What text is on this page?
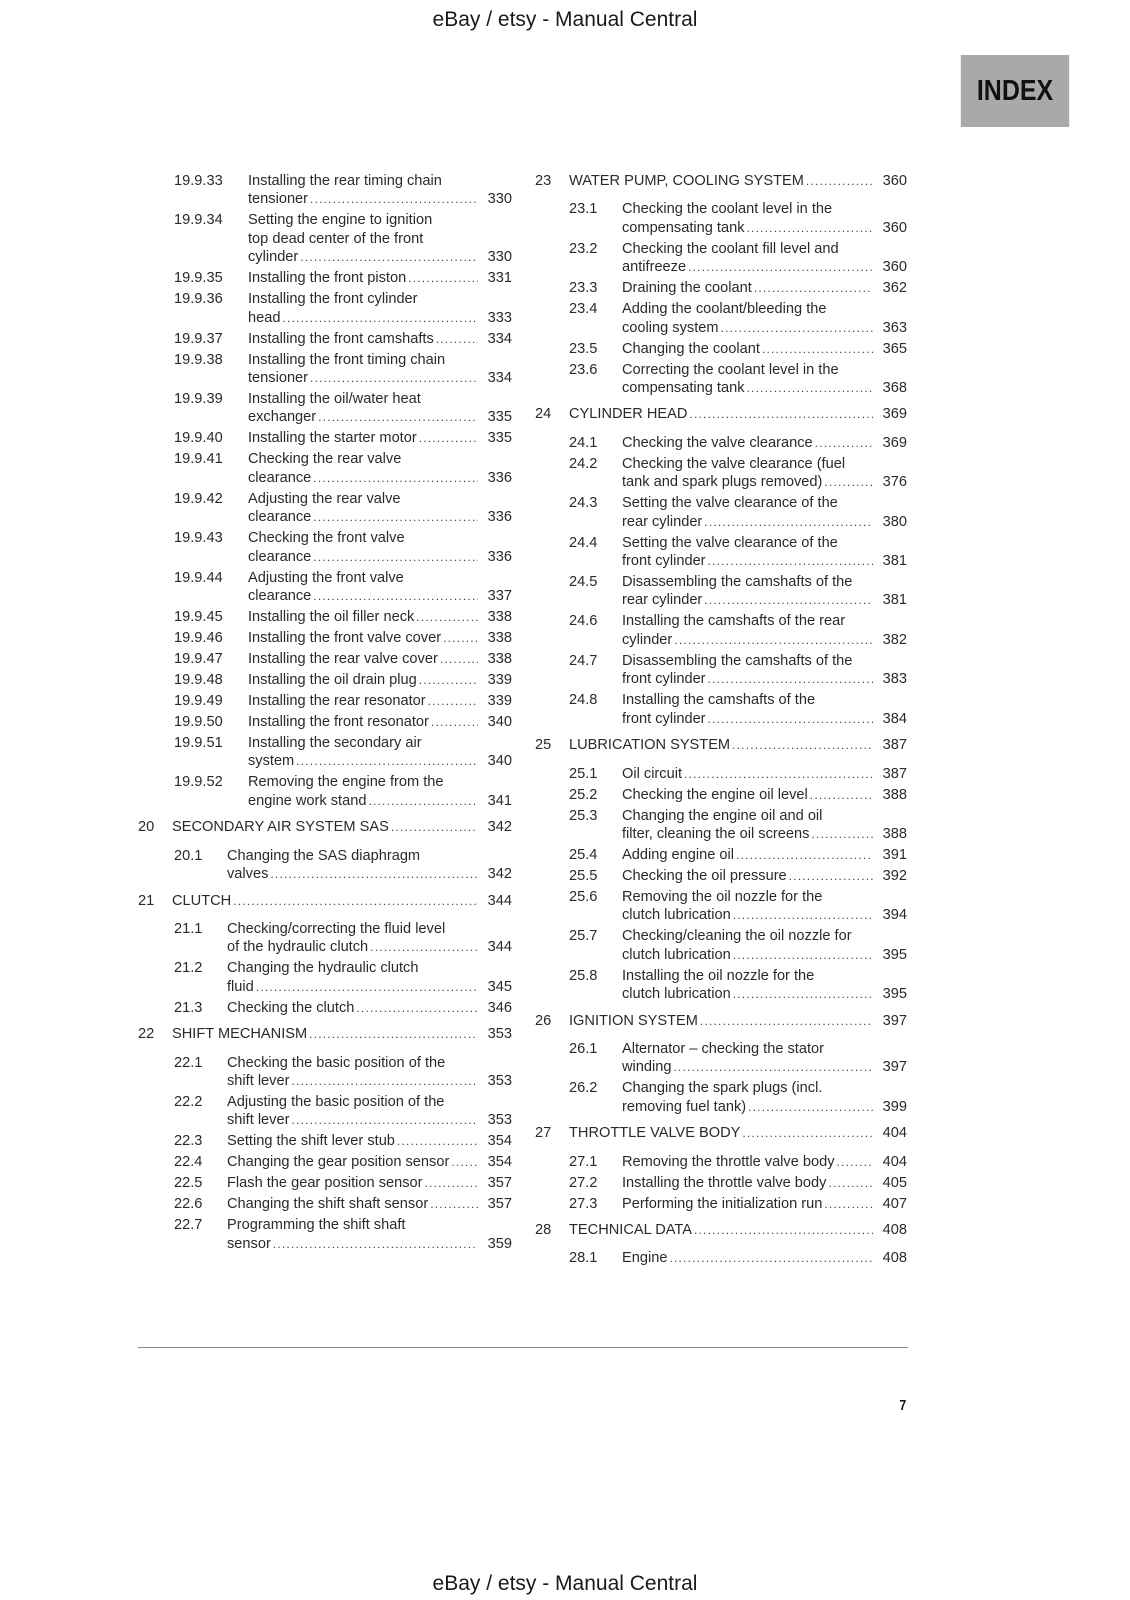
eBay / etsy - Manual Central
INDEX
19.9.33 Installing the rear timing chain
tensioner .....	330
19.9.34 Setting the engine to ignition
top dead center of the front
cylinder .....	330
19.9.35 Installing the front piston .....	331
19.9.36 Installing the front cylinder
head .....	333
19.9.37 Installing the front camshafts .....	334
19.9.38 Installing the front timing chain
tensioner .....	334
19.9.39 Installing the oil/water heat
exchanger .....	335
19.9.40 Installing the starter motor .....	335
19.9.41 Checking the rear valve
clearance .....	336
19.9.42 Adjusting the rear valve
clearance .....	336
19.9.43 Checking the front valve
clearance .....	336
19.9.44 Adjusting the front valve
clearance .....	337
19.9.45 Installing the oil filler neck .....	338
19.9.46 Installing the front valve cover .....	338
19.9.47 Installing the rear valve cover .....	338
19.9.48 Installing the oil drain plug .....	339
19.9.49 Installing the rear resonator .....	339
19.9.50 Installing the front resonator .....	340
19.9.51 Installing the secondary air
system .....	340
19.9.52 Removing the engine from the
engine work stand .....	341
20 SECONDARY AIR SYSTEM SAS .....	342
20.1 Changing the SAS diaphragm
valves .....	342
21 CLUTCH .....	344
21.1 Checking/correcting the fluid level
of the hydraulic clutch .....	344
21.2 Changing the hydraulic clutch
fluid .....	345
21.3 Checking the clutch .....	346
22 SHIFT MECHANISM .....	353
22.1 Checking the basic position of the
shift lever .....	353
22.2 Adjusting the basic position of the
shift lever .....	353
22.3 Setting the shift lever stub .....	354
22.4 Changing the gear position sensor .....	354
22.5 Flash the gear position sensor .....	357
22.6 Changing the shift shaft sensor .....	357
22.7 Programming the shift shaft
sensor .....	359
23 WATER PUMP, COOLING SYSTEM .....	360
23.1 Checking the coolant level in the
compensating tank .....	360
23.2 Checking the coolant fill level and
antifreeze .....	360
23.3 Draining the coolant .....	362
23.4 Adding the coolant/bleeding the
cooling system .....	363
23.5 Changing the coolant .....	365
23.6 Correcting the coolant level in the
compensating tank .....	368
24 CYLINDER HEAD .....	369
24.1 Checking the valve clearance .....	369
24.2 Checking the valve clearance (fuel
tank and spark plugs removed) .....	376
24.3 Setting the valve clearance of the
rear cylinder .....	380
24.4 Setting the valve clearance of the
front cylinder .....	381
24.5 Disassembling the camshafts of the
rear cylinder .....	381
24.6 Installing the camshafts of the rear
cylinder .....	382
24.7 Disassembling the camshafts of the
front cylinder .....	383
24.8 Installing the camshafts of the
front cylinder .....	384
25 LUBRICATION SYSTEM .....	387
25.1 Oil circuit .....	387
25.2 Checking the engine oil level .....	388
25.3 Changing the engine oil and oil
filter, cleaning the oil screens .....	388
25.4 Adding engine oil .....	391
25.5 Checking the oil pressure .....	392
25.6 Removing the oil nozzle for the
clutch lubrication .....	394
25.7 Checking/cleaning the oil nozzle for
clutch lubrication .....	395
25.8 Installing the oil nozzle for the
clutch lubrication .....	395
26 IGNITION SYSTEM .....	397
26.1 Alternator – checking the stator
winding .....	397
26.2 Changing the spark plugs (incl.
removing fuel tank) .....	399
27 THROTTLE VALVE BODY .....	404
27.1 Removing the throttle valve body .....	404
27.2 Installing the throttle valve body .....	405
27.3 Performing the initialization run .....	407
28 TECHNICAL DATA .....	408
28.1 Engine .....	408
7
eBay / etsy - Manual Central
